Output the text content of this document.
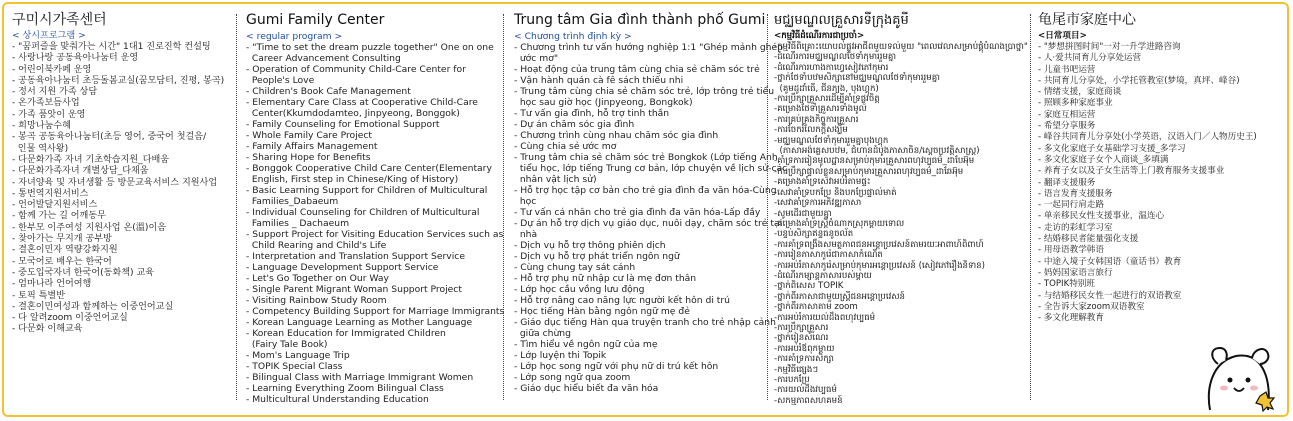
구미시가족센터
< 상시프로그램 >
- "꿈퍼즐을 맞춰가는 시간" 1대1 진로진학 컨설팅
- 사랑나랑 공동육아나눔터 운영
- 어린이북카페 운영
- 공동육아나눔터 초등돌봄교실(꿈모담터, 진평, 봉곡)
- 정서 지원 가족 상담
- 온가족보듬사업
- 가족 품앗이 운영
- 희망나눔수혜
- 봉곡 공동육아나눔터(초등 영어, 중국어 첫걸음/
인물 역사왕)
- 다문화가족 자녀 기초학습지원_다배움
- 다문화가족자녀 개별상담_다채움
- 자녀양육 및 자녀생활 등 방문교육서비스 지원사업
- 통번역지원서비스
- 언어발달지원서비스
- 함께 가는 길 어깨동무
- 한부모 이주여성 지원사업 온(溫)이음
- 찾아가는 무지개 공부방
- 결혼이민자 역량강화지원
- 모국어로 배우는 한국어
- 중도입국자녀 한국어(동화책) 교육
- 엄마나라 언어여행
- 토픽 특별반
- 결혼이민여성과 함께하는 이중언어교실
- 다 알려zoom 이중언어교실
- 다문화 이해교육
Gumi Family Center
< regular program >
- "Time to set the dream puzzle together" One on one
Career Advancement Consulting
- Operation of Community Child-Care Center for
People's Love
- Children's Book Cafe Management
- Elementary Care Class at Cooperative Child-Care
Center(Kkumdodamteo, Jinpyeong, Bonggok)
- Family Counseling for Emotional Support
- Whole Family Care Project
- Family Affairs Management
- Sharing Hope for Benefits
- Bonggok Cooperative Child Care Center(Elementary
English, First step in Chinese/King of History)
- Basic Learning Support for Children of Multicultural
Families_Dabaeum
- Individual Counseling for Children of Multicultural
Families _ Dachaeum
- Support Project for Visiting Education Services such as
Child Rearing and Child's Life
- Interpretation and Translation Support Service
- Language Development Support Service
- Let's Go Together on Our Way
- Single Parent Migrant Woman Support Project
- Visiting Rainbow Study Room
- Competency Building Support for Marriage Immigrants
- Korean Language Learning as Mother Language
- Korean Education for Immigrated Children
(Fairy Tale Book)
- Mom's Language Trip
- TOPIK Special Class
- Bilingual Class with Marriage Immigrant Women
- Learning Everything Zoom Bilingual Class
- Multicultural Understanding Education
Trung tâm Gia đình thành phố Gumi
< Chương trình định kỳ >
- Chương trình tư vấn hướng nghiệp 1:1 "Ghép mảnh ghép
ước mơ"
- Hoạt động của trung tâm cùng chia sẻ chăm sóc trẻ
- Vận hành quán cà fê sách thiếu nhi
- Trung tâm cùng chia sẻ chăm sóc trẻ, lớp trông trẻ tiểu
học sau giờ học (Jinpyeong, Bongkok)
- Tư vấn gia đình, hỗ trợ tinh thần
- Dự án chăm sóc gia đình
- Chương trình cùng nhau chăm sóc gia đình
- Cùng chia sẻ ước mơ
- Trung tâm chia sẻ chăm sóc trẻ Bongkok (Lớp tiếng Anh
tiểu học, lớp tiếng Trung cơ bản, lớp chuyện về lịch sử-các
nhân vật lịch sử)
- Hỗ trợ học tập cơ bản cho trẻ gia đình đa văn hóa-Cùng
học
- Tư vấn cá nhân cho trẻ gia đình đa văn hóa-Lấp đầy
- Dự án hỗ trợ dịch vụ giáo dục, nuôi dạy, chăm sóc trẻ tại
nhà
- Dịch vụ hỗ trợ thông phiên dịch
- Dịch vụ hỗ trợ phát triển ngôn ngữ
- Cùng chung tay sát cánh
- Hỗ trợ phụ nữ nhập cư là mẹ đơn thân
- Lớp học cầu vồng lưu động
- Hỗ trợ nâng cao năng lực người kết hôn di trú
- Học tiếng Hàn bằng ngôn ngữ mẹ đẻ
- Giáo dục tiếng Hàn qua truyện tranh cho trẻ nhập cảnh
giữa chừng
- Tìm hiểu về ngôn ngữ của mẹ
- Lớp luyện thi Topik
- Lớp học song ngữ với phụ nữ di trú kết hôn
- Lớp song ngữ qua zoom
- Giáo dục hiểu biết đa văn hóa
មជ្ឈមណ្ឌលគ្រួសារទីក្រុងគូមី
<កម្មវិធីដំណើរការជាប្រចាំ>
-កម្មវិធីពិគ្រោះយោបល់ផ្លូវអាជីពមួយទល់មួយ "ពេលវេលាសម្រាប់ផ្គុំបំណងប្រាថ្នា"
-ដំណើរការមជ្ឈមណ្ឌលថែទាំកុមាររួមគ្នា
-ដំណើរការហាងកាហ្វេសៀវភៅកុមារ
-ថ្នាក់ថែទាំបឋមសិក្សានៅមជ្ឈមណ្ឌលថែទាំកុមាររួមគ្នា
(គូមដូដាំធើ, ជីនភ្យង, បុងហ្គុក)
-ការប្រឹក្សាគ្រួសារដើម្បីគាំទ្រផ្លូវចិត្ត
-គម្រោងថែទាំគ្រួសារទាំងមូល
-ការគ្រប់គ្រងកិច្ចការគ្រួសារ
-ការចែករំលែកក្តីសង្ឃឹម
-មជ្ឈមណ្ឌលថែទាំកុមាររួមគ្នាបុងហ្គុក
(ភាសាអង់គ្លេសបឋម, ជំហានដំបូងភាសាចិន/ស្តេចប្រវត្តិសាស្ត្រ)
-គាំទ្រការរៀនមូលដ្ឋានសម្រាប់កុមារគ្រួសារពហុវប្បធម៌_ដាបែអ៊ុម
-ការប្រឹក្សាផ្ទាល់ខ្លួនសម្រាប់កុមារគ្រួសារពហុវប្បធម៌_ដាឆែអ៊ុម
-គម្រោងគាំទ្រសេវាអប់រំតាមផ្ទះ
-សេវាគាំទ្របកប្រែ និងបកប្រែផ្ទាល់មាត់
-សេវាគាំទ្រការអភិវឌ្ឍភាសា
-សូមដើរជាមួយគ្នា
-គម្រោងគាំទ្រស្ត្រីចំណាកស្រុកម្តាយទោល
-បន្ទប់សិក្សាឥន្ទធនូចល័ត
-ការគាំទ្រពង្រឹងសមត្ថភាពជនអន្តោប្រវេសន៍តាមរយៈអាពាហ៍ពិពាហ៍
-ការរៀនភាសាកូរ៉េជាភាសាកំណើត
-ការអប់រំភាសាកូរ៉េសម្រាប់កុមារអន្តោប្រវេសន៍ (សៀវភៅរឿងនិទាន)
-ដំណើរកម្សាន្តភាសារបស់ម្តាយ
-ថ្នាក់ពិសេស TOPIK
-ថ្នាក់ពីរភាសាជាមួយស្ត្រីជនអន្តោប្រវេសន៍
-ថ្នាក់ពីរភាសាតាម zoom
-ការអប់រំការយល់ដឹងពហុវប្បធម៌
-ការប្រឹក្សាគ្រួសារ
-ថ្នាក់រៀនសំណេរ
-ការអប់រំឪពុកម្តាយ
-ការគាំទ្រការសិក្សា
-កម្មវិធីផ្សេងៗ
-ការបកប្រែ
-ការយល់ដឹងវប្បធម៌
-សកម្មភាពសហគមន៍
龟尾市家庭中心
<日常项目>
- "梦想拼图时间"一对一升学进路咨询
- 人·爱共同育儿分享处运营
- 儿童书吧运营
- 共同育儿分享处，小学托管教室(梦境，真坪、峰谷)
- 情绪支援，家庭商谈
- 照顾多种家庭事业
- 家庭互相运营
- 希望分享服务
- 峰谷共同育儿分享处(小学英语，汉语入门／人物历史王)
- 多文化家庭子女基础学习支援_多学习
- 多文化家庭子女个人商谈_多填满
- 养育子女以及子女生活等上门教育服务支援事业
- 翻译支援服务
- 语言发育支援服务
- 一起同行肩走路
- 单亲移民女性支援事业，温连心
- 走访的彩虹学习室
- 结婚移民者能量强化支援
- 用母语教学韩语
- 中途入境子女韩国语（童话书）教育
- 妈妈国家语言旅行
- TOPIK特别班
- 与结婚移民女性一起进行的双语教室
- 全告诉大家zoom双语教室
- 多文化理解教育
